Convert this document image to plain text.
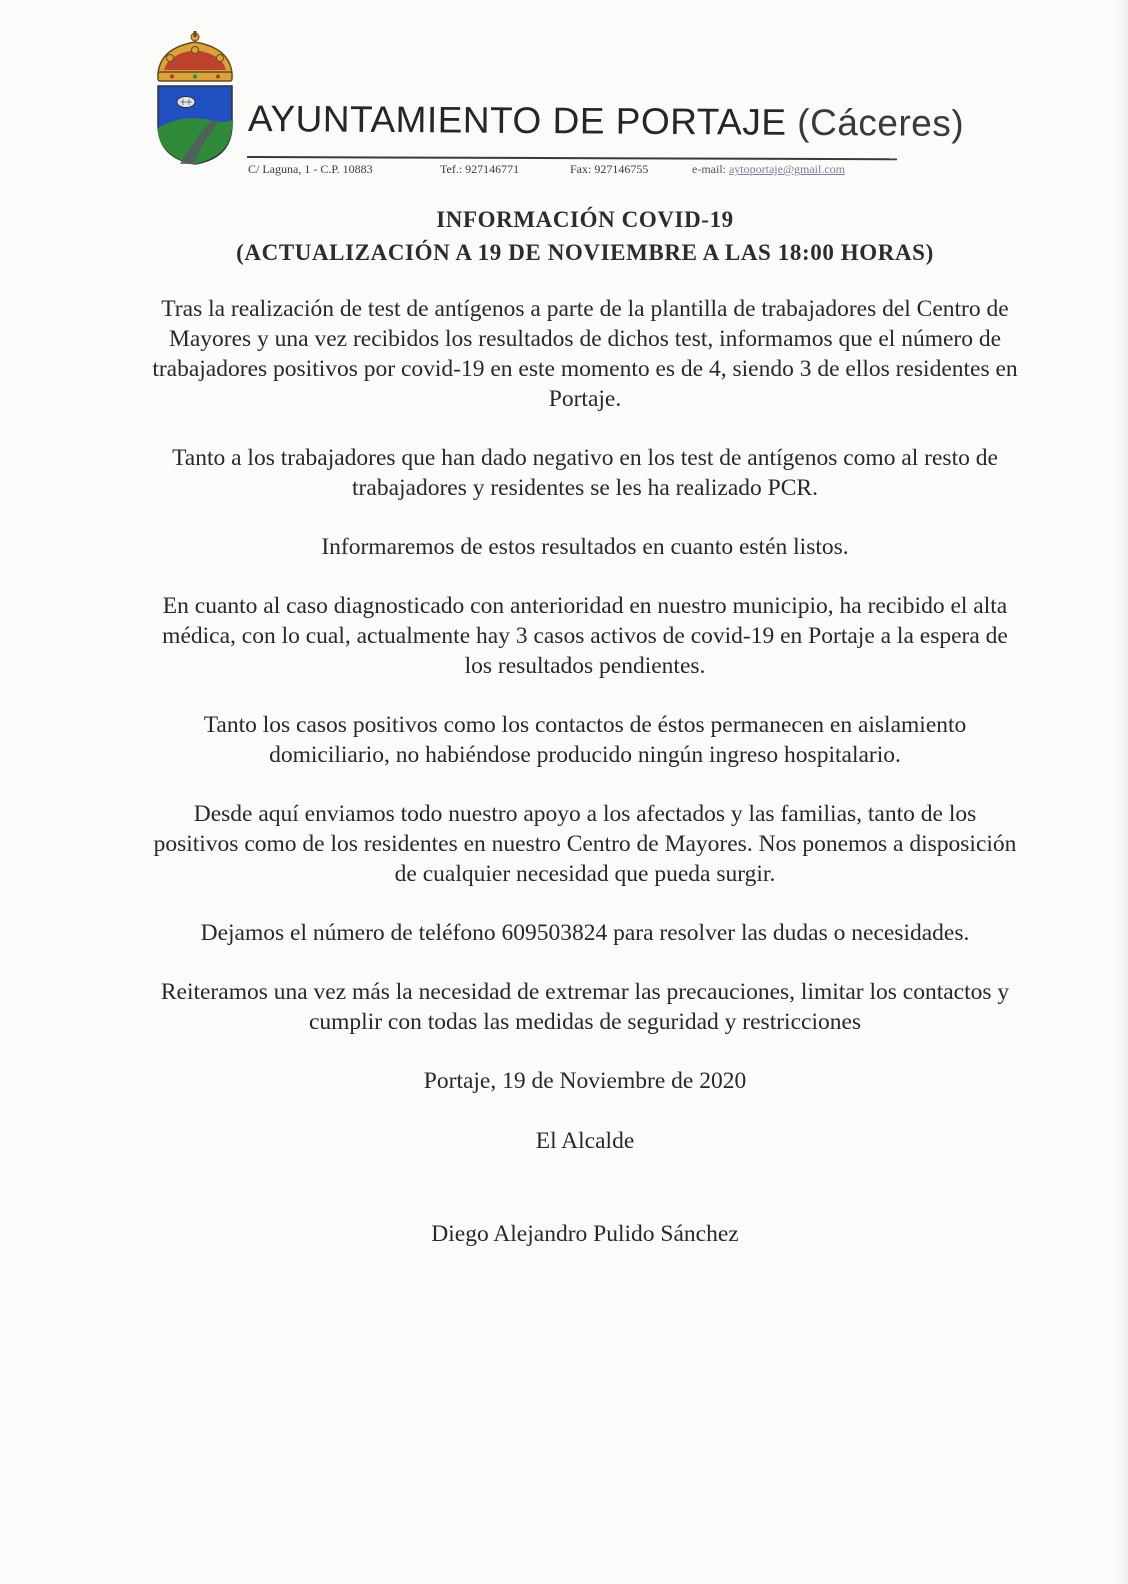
AYUNTAMIENTO DE PORTAJE (Cáceres)
C/ Laguna, 1 - C.P. 10883	Tef.: 927146771	Fax: 927146755	e-mail: aytoportaje@gmail.com
INFORMACIÓN COVID-19
(ACTUALIZACIÓN A 19 DE NOVIEMBRE A LAS 18:00 HORAS)

Tras la realización de test de antígenos a parte de la plantilla de trabajadores del Centro de Mayores y una vez recibidos los resultados de dichos test, informamos que el número de trabajadores positivos por covid-19 en este momento es de 4, siendo 3 de ellos residentes en Portaje.

Tanto a los trabajadores que han dado negativo en los test de antígenos como al resto de trabajadores y residentes se les ha realizado PCR.

Informaremos de estos resultados en cuanto estén listos.

En cuanto al caso diagnosticado con anterioridad en nuestro municipio, ha recibido el alta médica, con lo cual, actualmente hay 3 casos activos de covid-19 en Portaje a la espera de los resultados pendientes.

Tanto los casos positivos como los contactos de éstos permanecen en aislamiento domiciliario, no habiéndose producido ningún ingreso hospitalario.

Desde aquí enviamos todo nuestro apoyo a los afectados y las familias, tanto de los positivos como de los residentes en nuestro Centro de Mayores. Nos ponemos a disposición de cualquier necesidad que pueda surgir.

Dejamos el número de teléfono 609503824 para resolver las dudas o necesidades.

Reiteramos una vez más la necesidad de extremar las precauciones, limitar los contactos y cumplir con todas las medidas de seguridad y restricciones

Portaje, 19 de Noviembre de 2020

El Alcalde

Diego Alejandro Pulido Sánchez
